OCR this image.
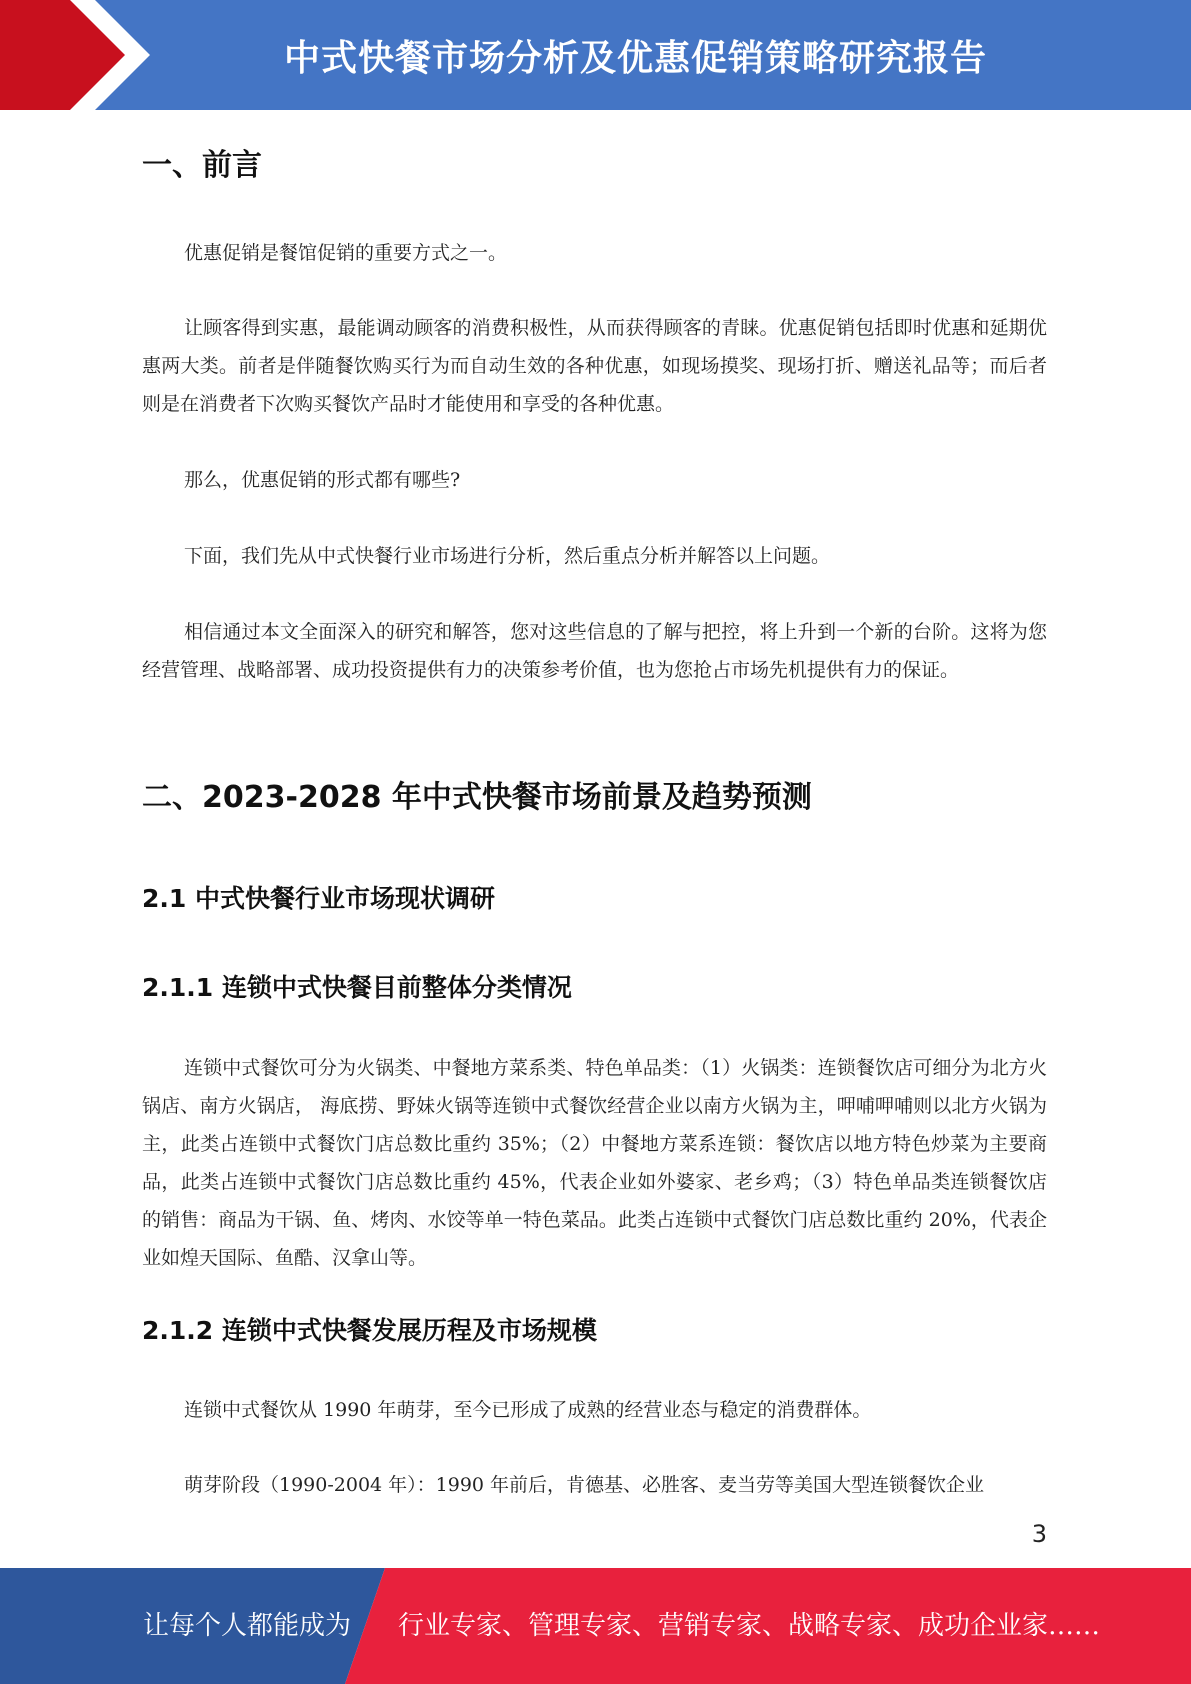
中式快餐市场分析及优惠促销策略研究报告
一、前言

优惠促销是餐馆促销的重要方式之一。

让顾客得到实惠，最能调动顾客的消费积极性，从而获得顾客的青睐。优惠促销包括即时优惠和延期优惠两大类。前者是伴随餐饮购买行为而自动生效的各种优惠，如现场摸奖、现场打折、赠送礼品等；而后者则是在消费者下次购买餐饮产品时才能使用和享受的各种优惠。

那么，优惠促销的形式都有哪些?

下面，我们先从中式快餐行业市场进行分析，然后重点分析并解答以上问题。

相信通过本文全面深入的研究和解答，您对这些信息的了解与把控，将上升到一个新的台阶。这将为您经营管理、战略部署、成功投资提供有力的决策参考价值，也为您抢占市场先机提供有力的保证。

二、2023-2028 年中式快餐市场前景及趋势预测
2.1 中式快餐行业市场现状调研
2.1.1 连锁中式快餐目前整体分类情况

连锁中式餐饮可分为火锅类、中餐地方菜系类、特色单品类：（1）火锅类：连锁餐饮店可细分为北方火锅店、南方火锅店， 海底捞、野妹火锅等连锁中式餐饮经营企业以南方火锅为主，呷哺呷哺则以北方火锅为主，此类占连锁中式餐饮门店总数比重约 35%；（2）中餐地方菜系连锁：餐饮店以地方特色炒菜为主要商品，此类占连锁中式餐饮门店总数比重约 45%，代表企业如外婆家、老乡鸡；（3）特色单品类连锁餐饮店的销售：商品为干锅、鱼、烤肉、水饺等单一特色菜品。此类占连锁中式餐饮门店总数比重约 20%，代表企业如煌天国际、鱼酷、汉拿山等。

2.1.2 连锁中式快餐发展历程及市场规模

连锁中式餐饮从 1990 年萌芽，至今已形成了成熟的经营业态与稳定的消费群体。

萌芽阶段（1990-2004 年）：1990 年前后，肯德基、必胜客、麦当劳等美国大型连锁餐饮企业

3
让每个人都能成为 行业专家、管理专家、营销专家、战略专家、成功企业家……
